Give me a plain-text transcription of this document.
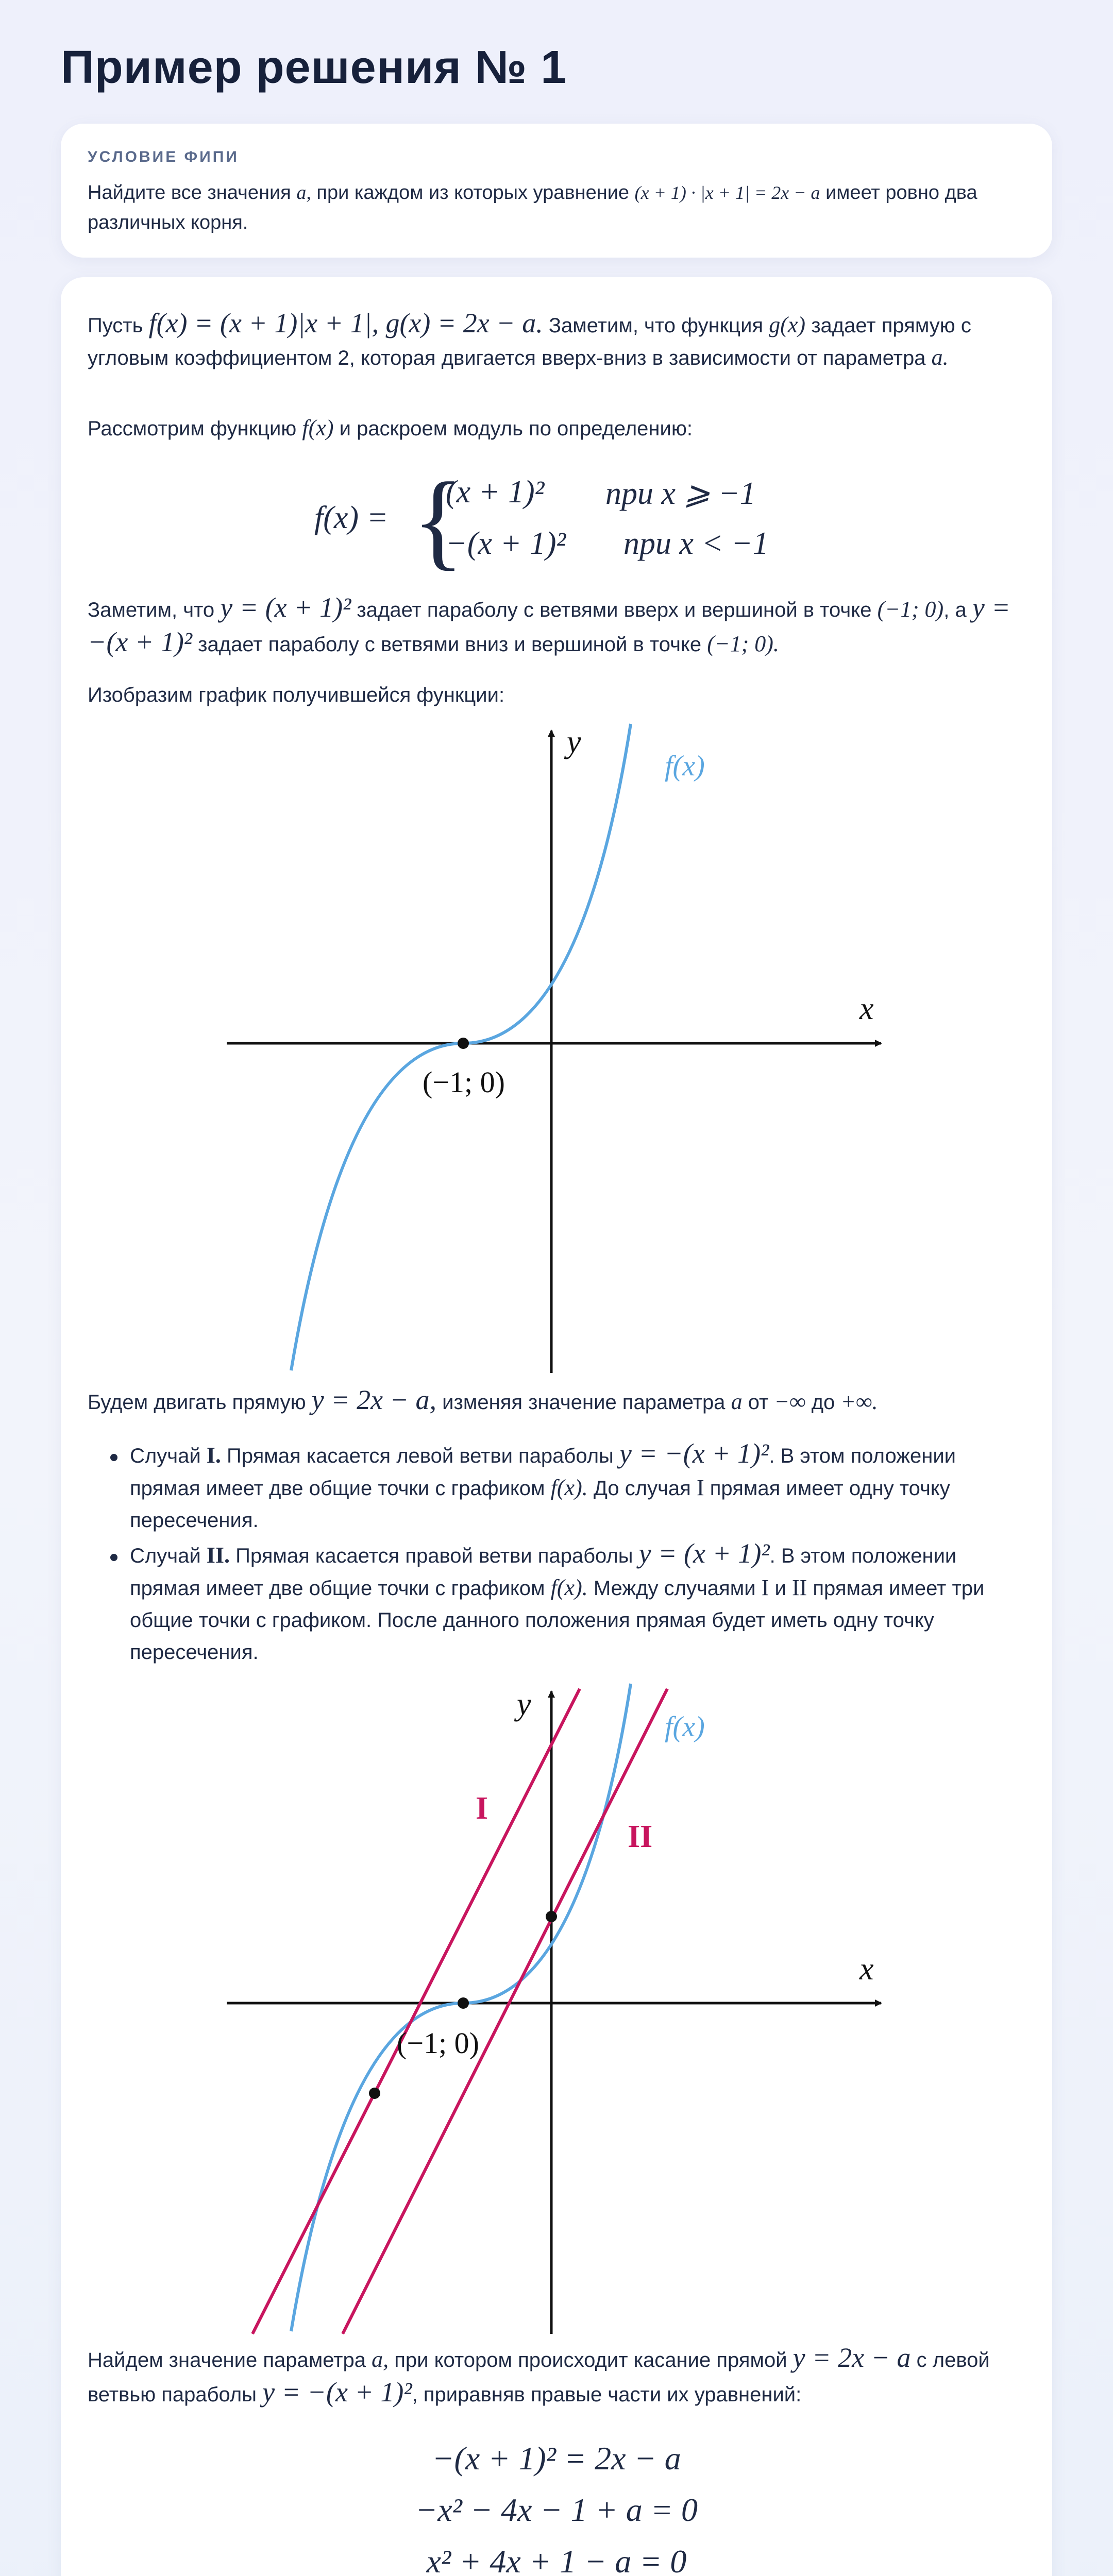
Пример решения № 1
УСЛОВИЕ ФИПИ
Найдите все значения a, при каждом из которых уравнение (x + 1) · |x + 1| = 2x − a имеет ровно два различных корня.
Пусть f(x) = (x + 1)|x + 1|, g(x) = 2x − a. Заметим, что функция g(x) задает прямую с угловым коэффициентом 2, которая двигается вверх-вниз в зависимости от параметра a.
Рассмотрим функцию f(x) и раскроем модуль по определению:
f(x) = {
(x + 1)² при x ⩾ −1
−(x + 1)² при x < −1
Заметим, что y = (x + 1)² задает параболу с ветвями вверх и вершиной в точке (−1; 0), а y = −(x + 1)² задает параболу с ветвями вниз и вершиной в точке (−1; 0).
Изобразим график получившейся функции:
y
x
f(x)
(−1; 0)
Будем двигать прямую y = 2x − a, изменяя значение параметра a от −∞ до +∞.
Случай I. Прямая касается левой ветви параболы y = −(x + 1)². В этом положении прямая имеет две общие точки с графиком f(x). До случая I прямая имеет одну точку пересечения.
Случай II. Прямая касается правой ветви параболы y = (x + 1)². В этом положении прямая имеет две общие точки с графиком f(x). Между случаями I и II прямая имеет три общие точки с графиком. После данного положения прямая будет иметь одну точку пересечения.
y
x
f(x)
(−1; 0)
I
II
Найдем значение параметра a, при котором происходит касание прямой y = 2x − a с левой ветвью параболы y = −(x + 1)², приравняв правые части их уравнений:
−(x + 1)² = 2x − a
−x² − 4x − 1 + a = 0
x² + 4x + 1 − a = 0
